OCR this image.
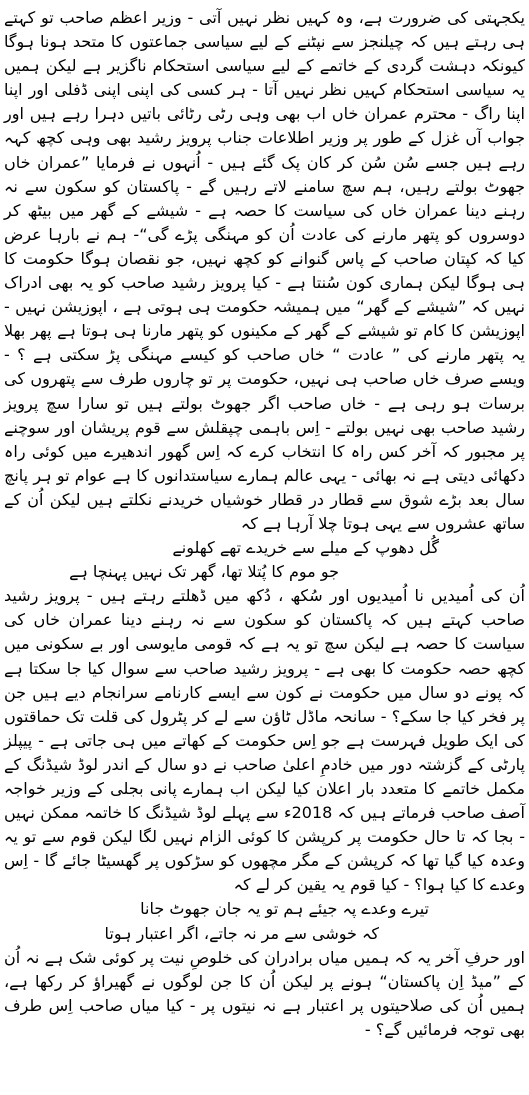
یکجہتی کی ضرورت ہے، وہ کہیں نظر نہیں آتی - وزیر اعظم صاحب تو کہتے ہی رہتے ہیں کہ چیلنجز سے نپٹنے کے لیے سیاسی جماعتوں کا متحد ہونا ہوگا کیونکہ دہشت گردی کے خاتمے کے لیے سیاسی استحکام ناگزیر ہے لیکن ہمیں یہ سیاسی استحکام کہیں نظر نہیں آتا - ہر کسی کی اپنی اپنی ڈفلی اور اپنا اپنا راگ - محترم عمران خاں اب بھی وہی رٹی رٹائی باتیں دہرا رہے ہیں اور جواب آں غزل کے طور پر وزیر اطلاعات جناب پرویز رشید بھی وہی کچھ کہہ رہے ہیں جسے سُن سُن کر کان پک گئے ہیں - اُنہوں نے فرمایا ”عمران خاں جھوٹ بولتے رہیں، ہم سچ سامنے لاتے رہیں گے - پاکستان کو سکون سے نہ رہنے دینا عمران خاں کی سیاست کا حصہ ہے - شیشے کے گھر میں بیٹھ کر دوسروں کو پتھر مارنے کی عادت اُن کو مہنگی پڑے گی“- ہم نے بارہا عرض کیا کہ کپتان صاحب کے پاس گنوانے کو کچھ نہیں، جو نقصان ہوگا حکومت کا ہی ہوگا لیکن ہماری کون سُنتا ہے - کیا پرویز رشید صاحب کو یہ بھی ادراک نہیں کہ ”شیشے کے گھر“ میں ہمیشہ حکومت ہی ہوتی ہے ، اپوزیشن نہیں - اپوزیشن کا کام تو شیشے کے گھر کے مکینوں کو پتھر مارنا ہی ہوتا ہے پھر بھلا یہ پتھر مارنے کی ” عادت “ خاں صاحب کو کیسے مہنگی پڑ سکتی ہے ؟ - ویسے صرف خاں صاحب ہی نہیں، حکومت پر تو چاروں طرف سے پتھروں کی برسات ہو رہی ہے - خاں صاحب اگر جھوٹ بولتے ہیں تو سارا سچ پرویز رشید صاحب بھی نہیں بولتے - اِس باہمی چپقلش سے قوم پریشان اور سوچنے پر مجبور کہ آخر کس راہ کا انتخاب کرے کہ اِس گھور اندھیرے میں کوئی راہ دکھائی دیتی ہے نہ بھائی - یہی عالم ہمارے سیاستدانوں کا ہے عوام تو ہر پانچ سال بعد بڑے شوق سے قطار در قطار خوشیاں خریدنے نکلتے ہیں لیکن اُن کے ساتھ عشروں سے یہی ہوتا چلا آرہا ہے کہ

گُل دھوپ کے میلے سے خریدے تھے کھلونے

جو موم کا پُتلا تھا، گھر تک نہیں پہنچا ہے

اُن کی اُمیدیں نا اُمیدیوں اور سُکھ ، دُکھ میں ڈھلتے رہتے ہیں - پرویز رشید صاحب کہتے ہیں کہ پاکستان کو سکون سے نہ رہنے دینا عمران خاں کی سیاست کا حصہ ہے لیکن سچ تو یہ ہے کہ قومی مایوسی اور بے سکونی میں کچھ حصہ حکومت کا بھی ہے - پرویز رشید صاحب سے سوال کیا جا سکتا ہے کہ پونے دو سال میں حکومت نے کون سے ایسے کارنامے سرانجام دیے ہیں جن پر فخر کیا جا سکے؟ - سانحہ ماڈل ٹاؤن سے لے کر پٹرول کی قلت تک حماقتوں کی ایک طویل فہرست ہے جو اِس حکومت کے کھاتے میں ہی جاتی ہے - پیپلز پارٹی کے گزشتہ دور میں خادمِ اعلیٰ صاحب نے دو سال کے اندر لوڈ شیڈنگ کے مکمل خاتمے کا متعدد بار اعلان کیا لیکن اب ہمارے پانی بجلی کے وزیر خواجہ آصف صاحب فرماتے ہیں کہ 2018ء سے پہلے لوڈ شیڈنگ کا خاتمہ ممکن نہیں - بجا کہ تا حال حکومت پر کرپشن کا کوئی الزام نہیں لگا لیکن قوم سے تو یہ وعدہ کیا گیا تھا کہ کرپشن کے مگر مچھوں کو سڑکوں پر گھسیٹا جائے گا - اِس وعدے کا کیا ہوا؟ - کیا قوم یہ یقین کر لے کہ

تیرے وعدے پہ جیئے ہم تو یہ جان جھوٹ جانا

کہ خوشی سے مر نہ جاتے، اگر اعتبار ہوتا

اور حرفِ آخر یہ کہ ہمیں میاں برادران کی خلوصِ نیت پر کوئی شک ہے نہ اُن کے ”میڈ اِن پاکستان“ ہونے پر لیکن اُن کا جن لوگوں نے گھیراؤ کر رکھا ہے، ہمیں اُن کی صلاحیتوں پر اعتبار ہے نہ نیتوں پر - کیا میاں صاحب اِس طرف بھی توجہ فرمائیں گے؟ -
